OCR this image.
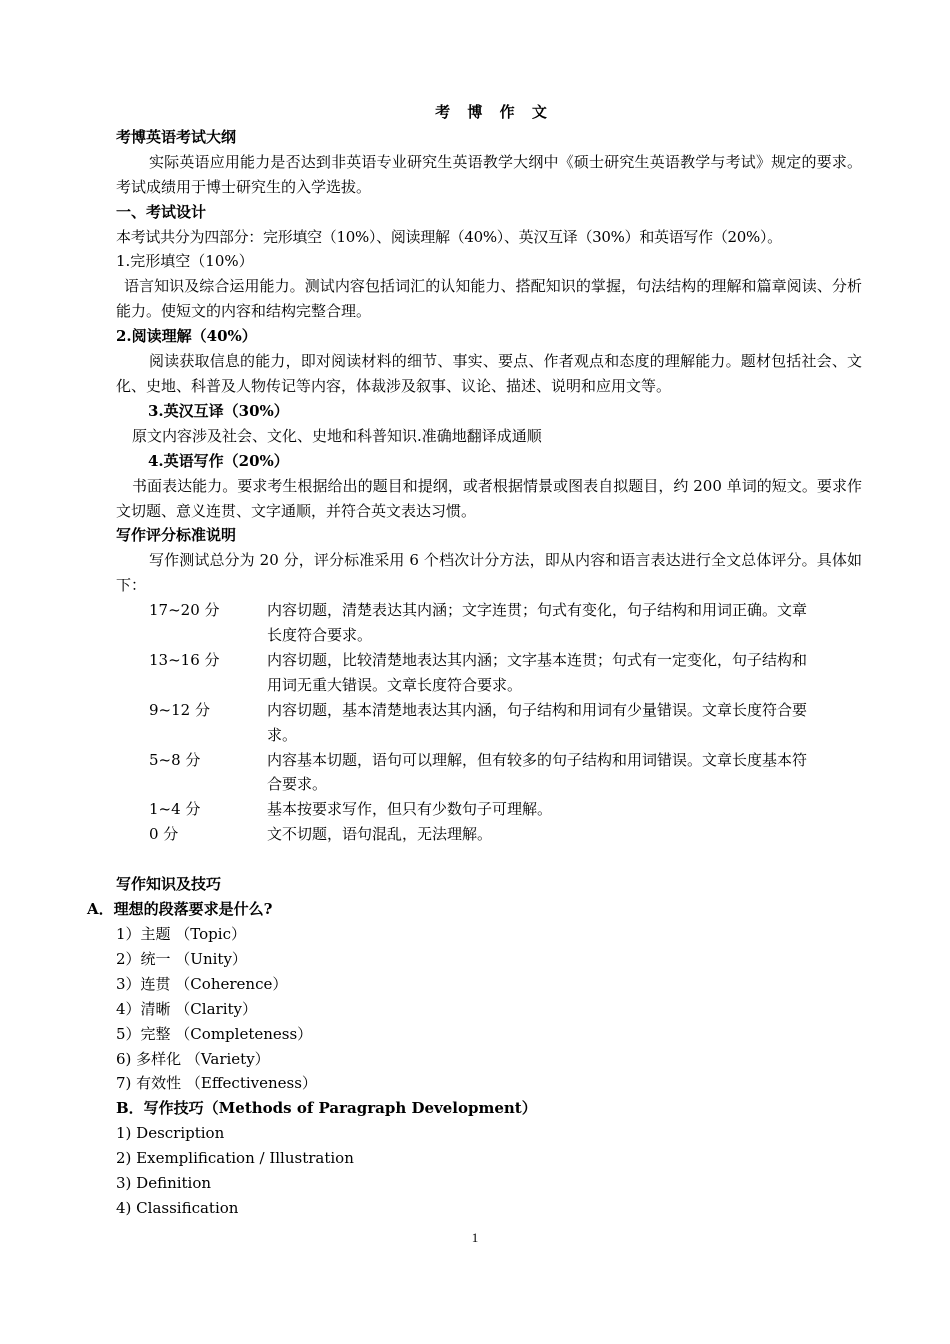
考 博 作 文

考博英语考试大纲

实际英语应用能力是否达到非英语专业研究生英语教学大纲中《硕士研究生英语教学与考试》规定的要求。考试成绩用于博士研究生的入学选拔。

一、考试设计

本考试共分为四部分：完形填空（10%）、阅读理解（40%）、英汉互译（30%）和英语写作（20%）。

1.完形填空（10%）

语言知识及综合运用能力。测试内容包括词汇的认知能力、搭配知识的掌握，句法结构的理解和篇章阅读、分析能力。使短文的内容和结构完整合理。

2.阅读理解（40%）

阅读获取信息的能力，即对阅读材料的细节、事实、要点、作者观点和态度的理解能力。题材包括社会、文化、史地、科普及人物传记等内容，体裁涉及叙事、议论、描述、说明和应用文等。

3.英汉互译（30%）

原文内容涉及社会、文化、史地和科普知识.准确地翻译成通顺

4.英语写作（20%）

书面表达能力。要求考生根据给出的题目和提纲，或者根据情景或图表自拟题目，约 200 单词的短文。要求作文切题、意义连贯、文字通顺，并符合英文表达习惯。

写作评分标准说明

写作测试总分为 20 分，评分标准采用 6 个档次计分方法，即从内容和语言表达进行全文总体评分。具体如下：

17~20 分	内容切题，清楚表达其内涵；文字连贯；句式有变化，句子结构和用词正确。文章长度符合要求。
13~16 分	内容切题，比较清楚地表达其内涵；文字基本连贯；句式有一定变化，句子结构和用词无重大错误。文章长度符合要求。
9~12 分	内容切题，基本清楚地表达其内涵，句子结构和用词有少量错误。文章长度符合要求。
5~8 分	内容基本切题，语句可以理解，但有较多的句子结构和用词错误。文章长度基本符合要求。
1~4 分	基本按要求写作，但只有少数句子可理解。
0 分	文不切题，语句混乱，无法理解。

写作知识及技巧

A．理想的段落要求是什么?

1）主题 （Topic）

2）统一 （Unity）

3）连贯 （Coherence）

4）清晰 （Clarity）

5）完整 （Completeness）

6) 多样化 （Variety）

7) 有效性 （Effectiveness）

B．写作技巧（Methods of Paragraph Development）

1) Description

2) Exemplification / Illustration

3) Definition

4) Classification

1
